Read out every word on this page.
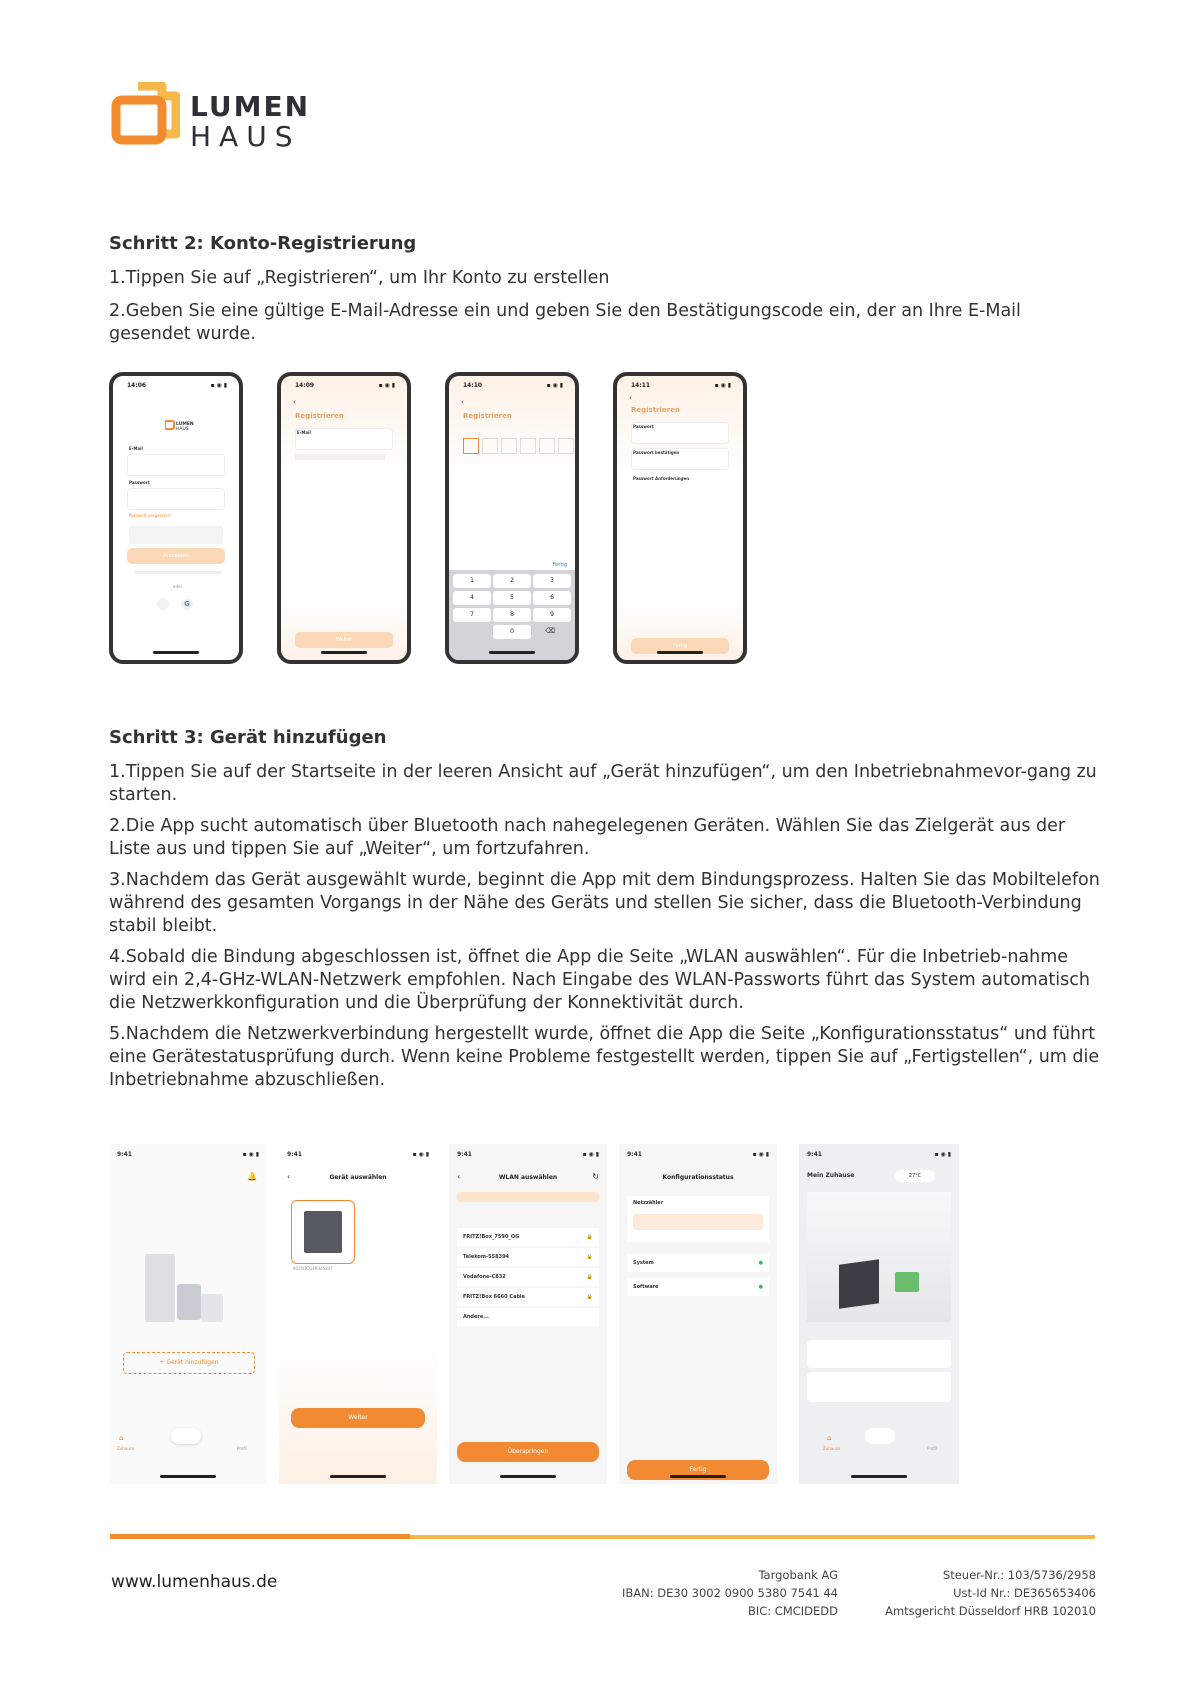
LUMEN
HAUS
Schritt 2: Konto-Registrierung

1.Tippen Sie auf „Registrieren“, um Ihr Konto zu erstellen

2.Geben Sie eine gültige E-Mail-Adresse ein und geben Sie den Bestätigungscode ein, der an Ihre E-Mail gesendet wurde.

14:06	▪ ◉ ▮
LUMEN
HAUS
E-Mail
Passwort
Passwort vergessen?
Anmelden
oder
G
14:09	▪ ◉ ▮
‹
Registrieren
E-Mail
Weiter
14:10	▪ ◉ ▮
‹
Registrieren
Fertig
1	2	3
4	5	6
7	8	9
0	⌫
14:11	▪ ◉ ▮
‹
Registrieren
Passwort
Passwort bestätigen
Passwort Anforderungen
Fertig
Schritt 3: Gerät hinzufügen

1.Tippen Sie auf der Startseite in der leeren Ansicht auf „Gerät hinzufügen“, um den Inbetriebnahmevor-gang zu starten.

2.Die App sucht automatisch über Bluetooth nach nahegelegenen Geräten. Wählen Sie das Zielgerät aus der Liste aus und tippen Sie auf „Weiter“, um fortzufahren.

3.Nachdem das Gerät ausgewählt wurde, beginnt die App mit dem Bindungsprozess. Halten Sie das Mobiltelefon während des gesamten Vorgangs in der Nähe des Geräts und stellen Sie sicher, dass die Bluetooth-Verbindung stabil bleibt.

4.Sobald die Bindung abgeschlossen ist, öffnet die App die Seite „WLAN auswählen“. Für die Inbetrieb-nahme wird ein 2,4-GHz-WLAN-Netzwerk empfohlen. Nach Eingabe des WLAN-Passworts führt das System automatisch die Netzwerkkonfiguration und die Überprüfung der Konnektivität durch.

5.Nachdem die Netzwerkverbindung hergestellt wurde, öffnet die App die Seite „Konfigurationsstatus“ und führt eine Gerätestatusprüfung durch. Wenn keine Probleme festgestellt werden, tippen Sie auf „Fertigstellen“, um die Inbetriebnahme abzuschließen.

9:41	▪ ◉ ▮
🔔
+ Gerät hinzufügen
⌂
Zuhause	Profil
9:41	▪ ◉ ▮
‹	Gerät auswählen
9025DCG4R045347
Weiter
9:41	▪ ◉ ▮
‹	WLAN auswählen	↻
FRITZ!Box_7590_OG	🔒
Telekom-558394	🔒
Vodafone-C832	🔒
FRITZ!Box 6660 Cable	🔒
Andere...
Überspringen
9:41	▪ ◉ ▮
Konfigurationsstatus
Netzzähler
System	●
Software	●
Fertig
9:41	▪ ◉ ▮
Mein Zuhause	27°C
⌂
Zuhause	Profil
www.lumenhaus.de	Targobank AG
IBAN: DE30 3002 0900 5380 7541 44
BIC: CMCIDEDD
Steuer-Nr.: 103/5736/2958
Ust-Id Nr.: DE365653406
Amtsgericht Düsseldorf HRB 102010
